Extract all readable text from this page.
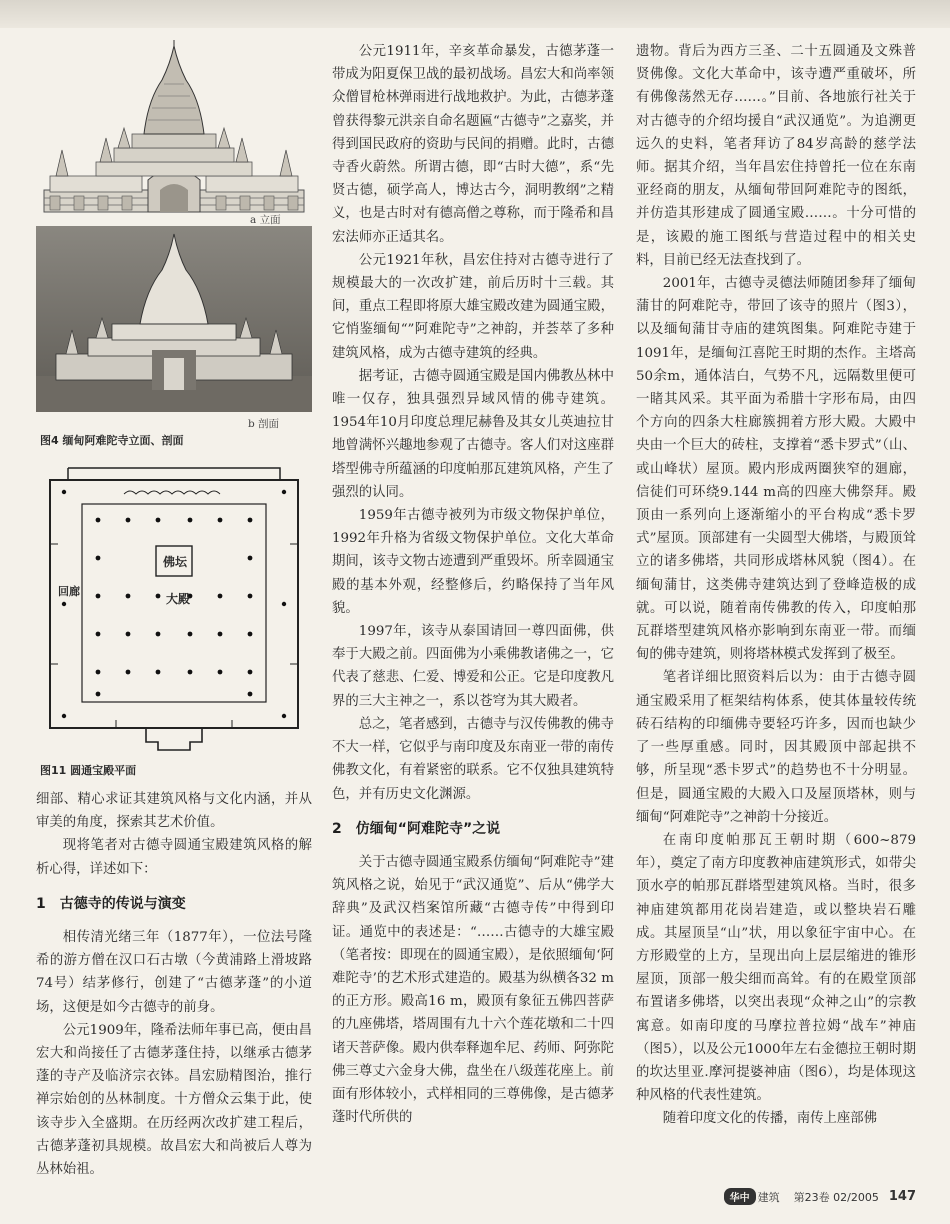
a 立面
b 剖面
图4 缅甸阿难陀寺立面、剖面
佛坛
回廊
大殿
图11 圆通宝殿平面

细部、精心求证其建筑风格与文化内涵，并从审美的角度，探索其艺术价值。

现将笔者对古德寺圆通宝殿建筑风格的解析心得，详述如下：

1 古德寺的传说与演变

相传清光绪三年（1877年），一位法号隆希的游方僧在汉口石古墩（今黄浦路上滑坡路74号）结茅修行，创建了“古德茅蓬”的小道场，这便是如今古德寺的前身。

公元1909年，隆希法师年事已高，便由昌宏大和尚接任了古德茅蓬住持，以继承古德茅蓬的寺产及临济宗衣钵。昌宏励精图治，推行禅宗始创的丛林制度。十方僧众云集于此，使该寺步入全盛期。在历经两次改扩建工程后，古德茅蓬初具规模。故昌宏大和尚被后人尊为丛林始祖。

公元1911年，辛亥革命暴发，古德茅蓬一带成为阳夏保卫战的最初战场。昌宏大和尚率领众僧冒枪林弹雨进行战地救护。为此，古德茅蓬曾获得黎元洪亲自命名题匾“古德寺”之嘉奖，并得到国民政府的资助与民间的捐赠。此时，古德寺香火蔚然。所谓古德，即“古时大德”，系“先贤古德，硕学高人，博达古今，洞明教纲”之精义，也是古时对有德高僧之尊称，而于隆希和昌宏法师亦正适其名。

公元1921年秋，昌宏住持对古德寺进行了规模最大的一次改扩建，前后历时十三载。其间，重点工程即将原大雄宝殿改建为圆通宝殿，它悄鉴缅甸“”阿难陀寺”之神韵，并荟萃了多种建筑风格，成为古德寺建筑的经典。

据考证，古德寺圆通宝殿是国内佛教丛林中唯一仅存，独具强烈异域风情的佛寺建筑。1954年10月印度总理尼赫鲁及其女儿英迪拉甘地曾满怀兴趣地参观了古德寺。客人们对这座群塔型佛寺所蕴涵的印度帕那瓦建筑风格，产生了强烈的认同。

1959年古德寺被列为市级文物保护单位，1992年升格为省级文物保护单位。文化大革命期间，该寺文物古迹遭到严重毁坏。所幸圆通宝殿的基本外观，经整修后，约略保持了当年风貌。

1997年，该寺从泰国请回一尊四面佛，供奉于大殿之前。四面佛为小乘佛教诸佛之一，它代表了慈悲、仁爱、博爱和公正。它是印度教凡界的三大主神之一，系以苍穹为其大殿者。

总之，笔者感到，古德寺与汉传佛教的佛寺不大一样，它似乎与南印度及东南亚一带的南传佛教文化，有着紧密的联系。它不仅独具建筑特色，并有历史文化渊源。

2 仿缅甸“阿难陀寺”之说

关于古德寺圆通宝殿系仿缅甸“阿难陀寺”建筑风格之说，始见于“武汉通览”、后从“佛学大辞典”及武汉档案馆所藏“古德寺传”中得到印证。通览中的表述是：“……古德寺的大雄宝殿（笔者按：即现在的圆通宝殿），是依照缅甸‘阿难陀寺’的艺术形式建造的。殿基为纵横各32 m的正方形。殿高16 m，殿顶有象征五佛四菩萨的九座佛塔，塔周围有九十六个莲花墩和二十四诸天菩萨像。殿内供奉释迦牟尼、药师、阿弥陀佛三尊丈六金身大佛，盘坐在八级莲花座上。前面有形体较小，式样相同的三尊佛像，是古德茅蓬时代所供的

遗物。背后为西方三圣、二十五圆通及文殊普贤佛像。文化大革命中，该寺遭严重破坏，所有佛像荡然无存……。”目前、各地旅行社关于对古德寺的介绍均援自“武汉通览”。为追溯更远久的史料，笔者拜访了84岁高龄的慈学法师。据其介绍，当年昌宏住持曾托一位在东南亚经商的朋友，从缅甸带回阿难陀寺的图纸，并仿造其形建成了圆通宝殿……。十分可惜的是，该殿的施工图纸与营造过程中的相关史料，目前已经无法查找到了。

2001年，古德寺灵德法师随团参拜了缅甸蒲甘的阿难陀寺，带回了该寺的照片（图3），以及缅甸蒲甘寺庙的建筑图集。阿难陀寺建于1091年，是缅甸江喜陀王时期的杰作。主塔高50余m，通体洁白，气势不凡，远隔数里便可一睹其风采。其平面为希腊十字形布局，由四个方向的四条大柱廊簇拥着方形大殿。大殿中央由一个巨大的砖柱，支撑着“悉卡罗式”（山、或山峰状）屋顶。殿内形成两圈狭窄的廻廊，信徒们可环绕9.144 m高的四座大佛祭拜。殿顶由一系列向上逐渐缩小的平台构成“悉卡罗式”屋顶。顶部建有一尖圆型大佛塔，与殿顶耸立的诸多佛塔，共同形成塔林风貌（图4）。在缅甸蒲甘，这类佛寺建筑达到了登峰造极的成就。可以说，随着南传佛教的传入，印度帕那瓦群塔型建筑风格亦影响到东南亚一带。而缅甸的佛寺建筑，则将塔林模式发挥到了极至。

笔者详细比照资料后以为：由于古德寺圆通宝殿采用了框架结构体系，使其体量较传统砖石结构的印缅佛寺要轻巧许多，因而也缺少了一些厚重感。同时，因其殿顶中部起拱不够，所呈现“悉卡罗式”的趋势也不十分明显。但是，圆通宝殿的大殿入口及屋顶塔林，则与缅甸“阿难陀寺”之神韵十分接近。

在南印度帕那瓦王朝时期（600~879年），奠定了南方印度教神庙建筑形式，如带尖顶水亭的帕那瓦群塔型建筑风格。当时，很多神庙建筑都用花岗岩建造，或以整块岩石雕成。其屋顶呈“山”状，用以象征宇宙中心。在方形殿堂的上方，呈现出向上层层缩进的锥形屋顶，顶部一般尖细而高耸。有的在殿堂顶部布置诸多佛塔，以突出表现“众神之山”的宗教寓意。如南印度的马摩拉普拉姆“战车”神庙（图5），以及公元1000年左右金德拉王朝时期的坎达里亚.摩河提婆神庙（图6），均是体现这种风格的代表性建筑。

随着印度文化的传播，南传上座部佛

华中 建筑 第23卷 02/2005 147
